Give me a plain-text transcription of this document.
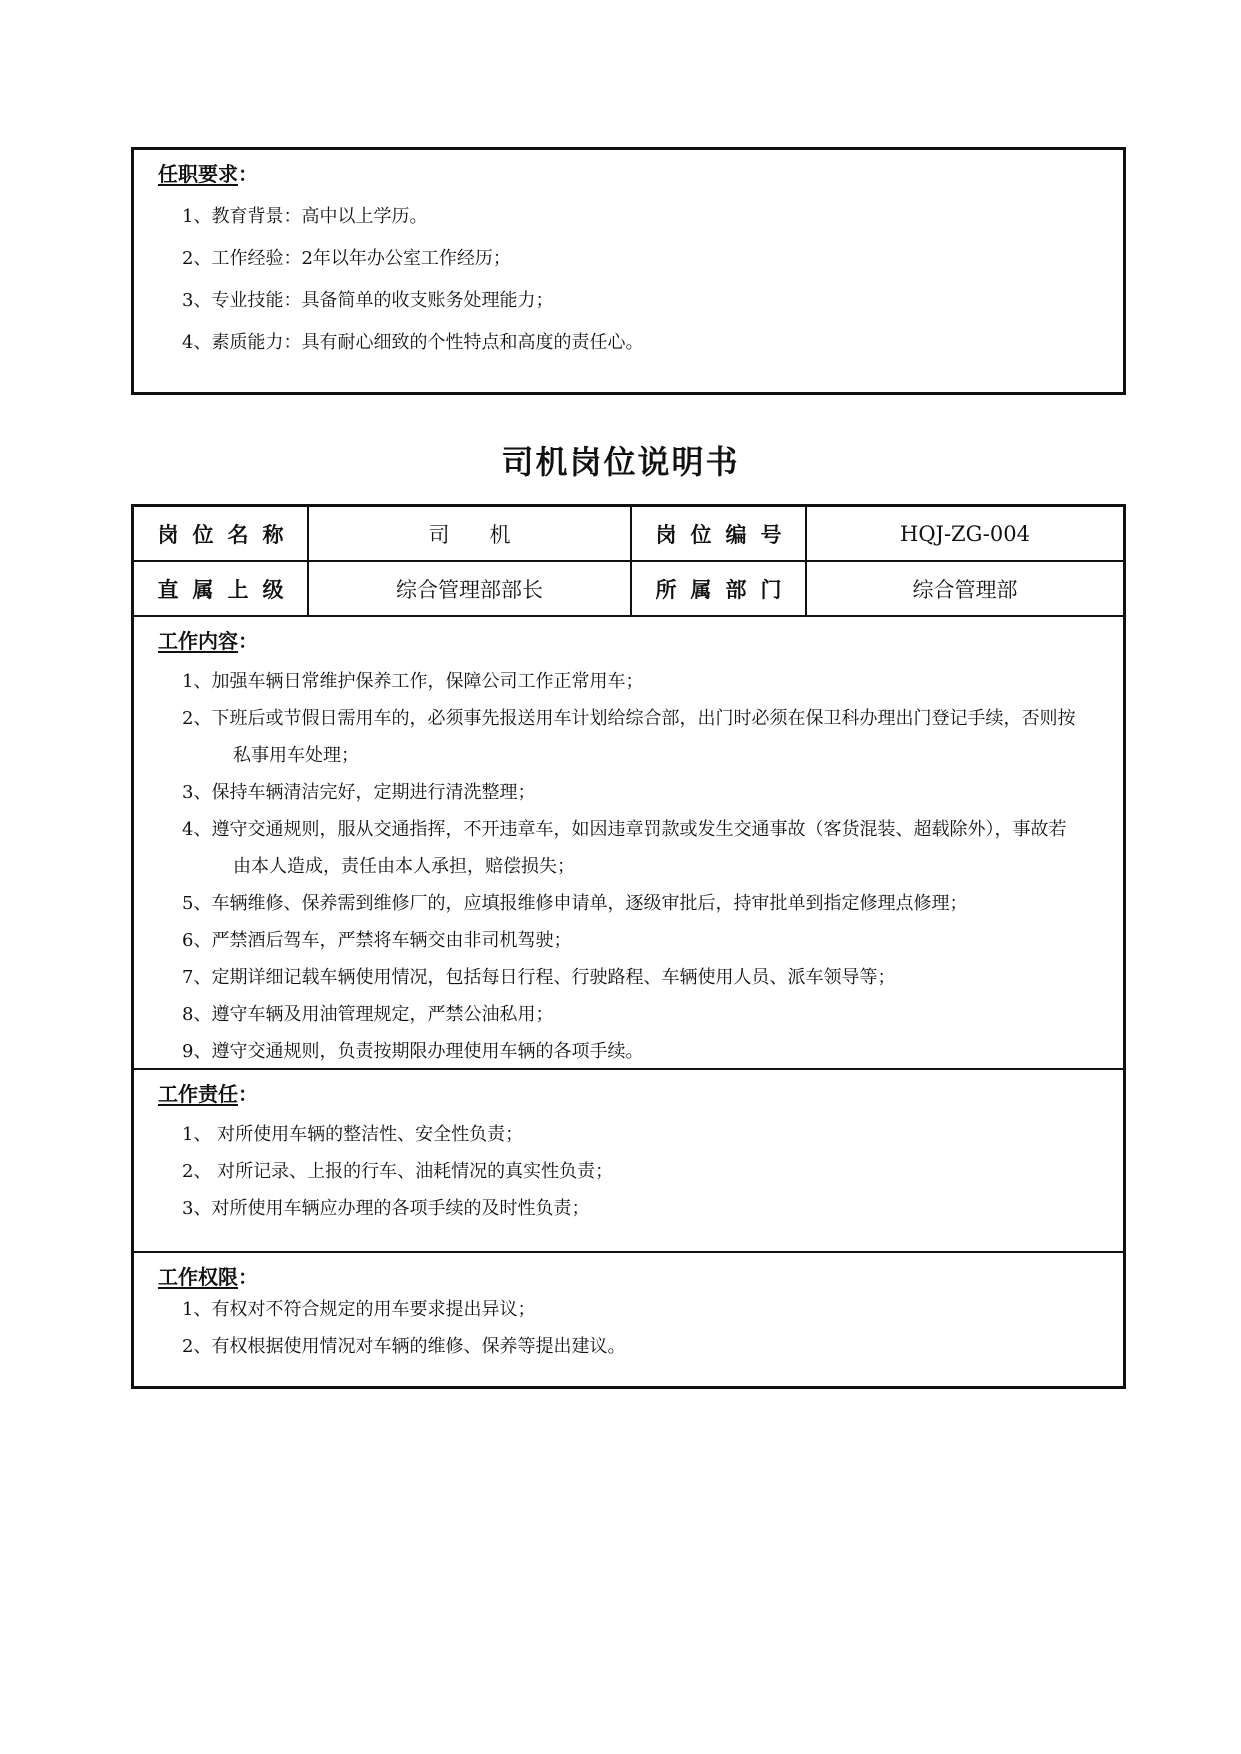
任职要求：

1、教育背景：高中以上学历。

2、工作经验：2年以年办公室工作经历；

3、专业技能：具备简单的收支账务处理能力；

4、素质能力：具有耐心细致的个性特点和高度的责任心。

司机岗位说明书
岗位名称	司机	岗位编号	HQJ-ZG-004
直属上级	综合管理部部长	所属部门	综合管理部

工作内容：

1、加强车辆日常维护保养工作，保障公司工作正常用车；

2、下班后或节假日需用车的，必须事先报送用车计划给综合部，出门时必须在保卫科办理出门登记手续，否则按

私事用车处理；

3、保持车辆清洁完好，定期进行清洗整理；

4、遵守交通规则，服从交通指挥，不开违章车，如因违章罚款或发生交通事故（客货混装、超载除外），事故若

由本人造成，责任由本人承担，赔偿损失；

5、车辆维修、保养需到维修厂的，应填报维修申请单，逐级审批后，持审批单到指定修理点修理；

6、严禁酒后驾车，严禁将车辆交由非司机驾驶；

7、定期详细记载车辆使用情况，包括每日行程、行驶路程、车辆使用人员、派车领导等；

8、遵守车辆及用油管理规定，严禁公油私用；

9、遵守交通规则，负责按期限办理使用车辆的各项手续。

工作责任：

1、 对所使用车辆的整洁性、安全性负责；

2、 对所记录、上报的行车、油耗情况的真实性负责；

3、对所使用车辆应办理的各项手续的及时性负责；

工作权限：

1、有权对不符合规定的用车要求提出异议；

2、有权根据使用情况对车辆的维修、保养等提出建议。
